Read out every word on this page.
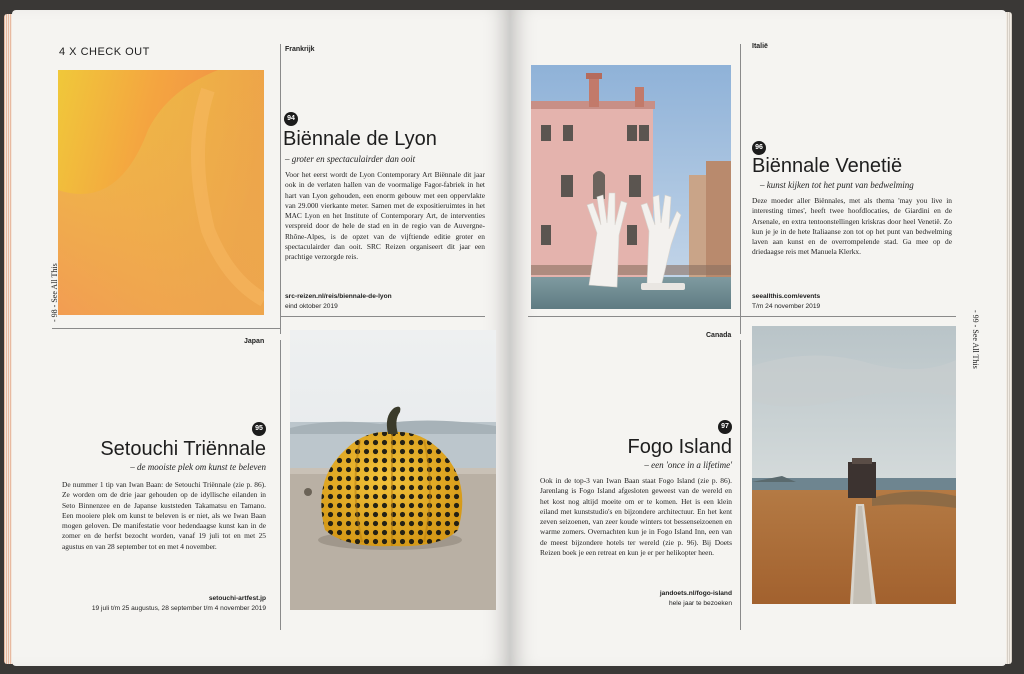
4 X CHECK OUT	Frankrijk
94
Biënnale de Lyon
– groter en spectaculairder dan ooit
Voor het eerst wordt de Lyon Contemporary Art Biënnale dit jaar ook in de verlaten hallen van de voormalige Fagor-fabriek in het hart van Lyon gehouden, een enorm gebouw met een oppervlakte van 29.000 vierkante meter. Samen met de expositieruimtes in het MAC Lyon en het Institute of Contemporary Art, de interventies verspreid door de hele de stad en in de regio van de Auvergne-Rhône-Alpes, is de opzet van de vijftiende editie groter en spectaculairder dan ooit. SRC Reizen organiseert dit jaar een prachtige verzorgde reis.
src-reizen.nl/reis/biennale-de-lyon
eind oktober 2019
Japan
95
Setouchi Triënnale
– de mooiste plek om kunst te beleven
De nummer 1 tip van Iwan Baan: de Setouchi Triënnale (zie p. 86). Ze worden om de drie jaar gehouden op de idyllische eilanden in Seto Binnenzee en de Japanse kuststeden Takamatsu en Tamano. Een mooiere plek om kunst te beleven is er niet, als we Iwan Baan mogen geloven. De manifestatie voor hedendaagse kunst kan in de zomer en de herfst bezocht worden, vanaf 19 juli tot en met 25 agustus en van 28 september tot en met 4 november.
setouchi-artfest.jp
19 juli t/m 25 augustus, 28 september t/m 4 november 2019
- 98 - See All This
Italië
96
Biënnale Venetië
– kunst kijken tot het punt van bedwelming
Deze moeder aller Biënnales, met als thema 'may you live in interesting times', heeft twee hoofdlocaties, de Giardini en de Arsenale, en extra tentoonstellingen kriskras door heel Venetië. Zo kun je je in de hete Italiaanse zon tot op het punt van bedwelming laven aan kunst en de overrompelende stad. Ga mee op de driedaagse reis met Manuela Klerkx.
seeallthis.com/events
T/m 24 november 2019
Canada
97
Fogo Island
– een 'once in a lifetime'
Ook in de top-3 van Iwan Baan staat Fogo Island (zie p. 86). Jarenlang is Fogo Island afgesloten geweest van de wereld en het kost nog altijd moeite om er te komen. Het is een klein eiland met kunststudio's en bijzondere architectuur. En het kent zeven seizoenen, van zeer koude winters tot bessenseizoenen en warme zomers. Overnachten kun je in Fogo Island Inn, een van de meest bijzondere hotels ter wereld (zie p. 96). Bij Doets Reizen boek je een retreat en kun je er per helikopter heen.
jandoets.nl/fogo-island
hele jaar te bezoeken
- 99 - See All This
